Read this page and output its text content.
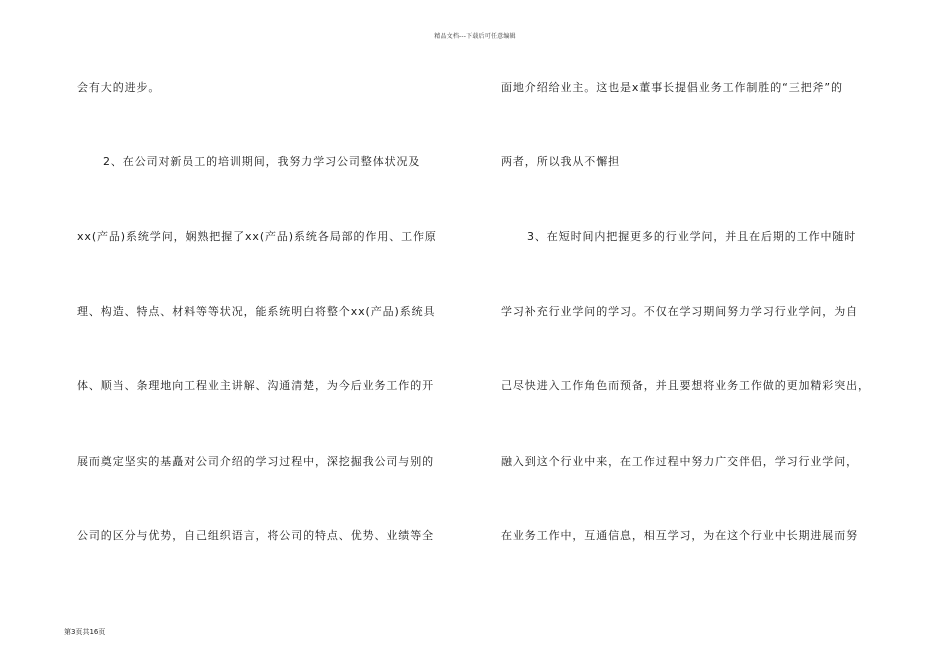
精品文档---下载后可任意编辑
会有大的进步。
2、在公司对新员工的培训期间，我努力学习公司整体状况及
xx(产品)系统学问，娴熟把握了xx(产品)系统各局部的作用、工作原
理、构造、特点、材料等等状况，能系统明白将整个xx(产品)系统具
体、顺当、条理地向工程业主讲解、沟通清楚，为今后业务工作的开
展而奠定坚实的基矗对公司介绍的学习过程中，深挖掘我公司与别的
公司的区分与优势，自己组织语言，将公司的特点、优势、业绩等全
面地介绍给业主。这也是x董事长提倡业务工作制胜的“三把斧”的
两者，所以我从不懈担
3、在短时间内把握更多的行业学问，并且在后期的工作中随时
学习补充行业学问的学习。不仅在学习期间努力学习行业学问，为自
己尽快进入工作角色而预备，并且要想将业务工作做的更加精彩突出，
融入到这个行业中来，在工作过程中努力广交伴侣，学习行业学问，
在业务工作中，互通信息，相互学习，为在这个行业中长期进展而努
第3页共16页
